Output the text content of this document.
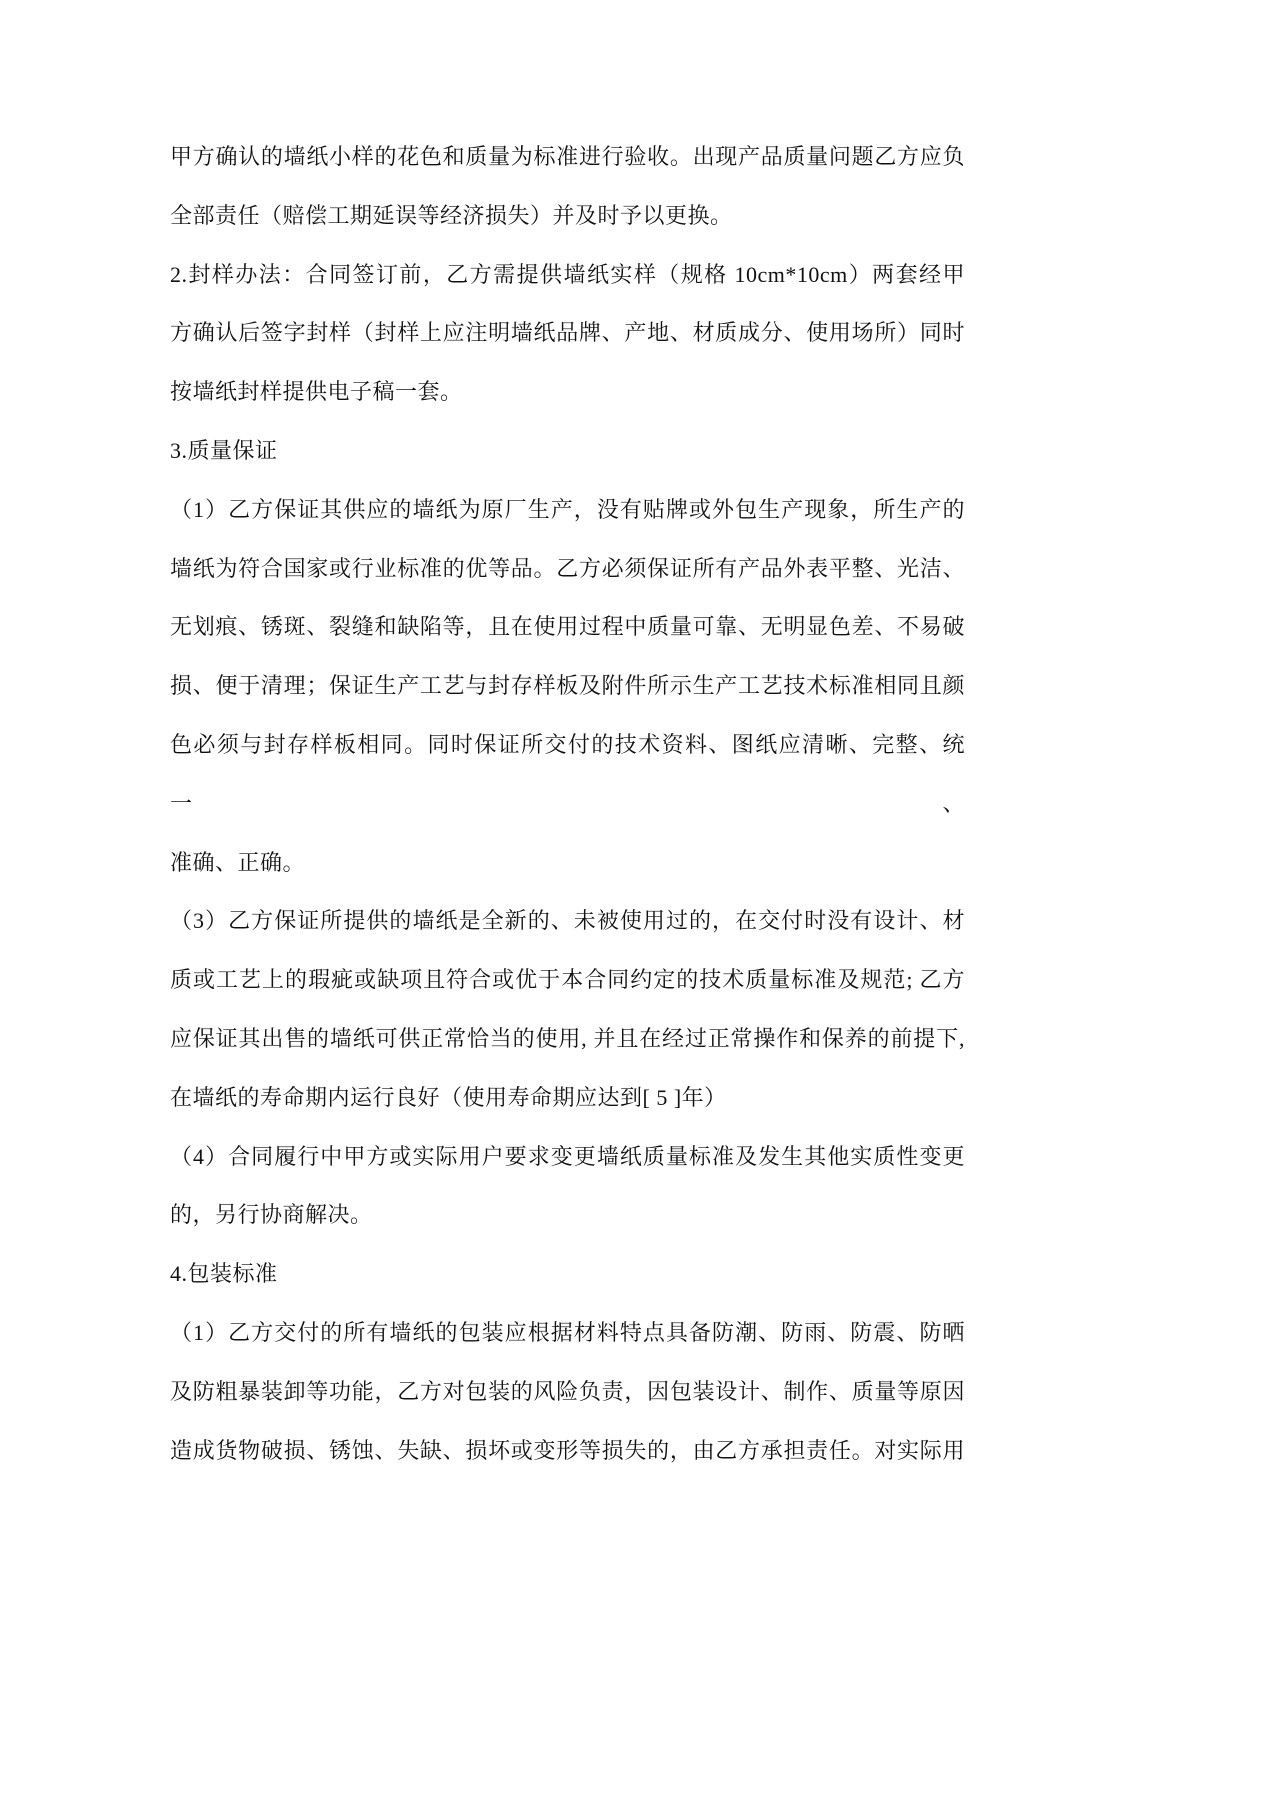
甲方确认的墙纸小样的花色和质量为标准进行验收。出现产品质量问题乙方应负
全部责任（赔偿工期延误等经济损失）并及时予以更换。
2.封样办法：合同签订前，乙方需提供墙纸实样（规格 10cm*10cm）两套经甲
方确认后签字封样（封样上应注明墙纸品牌、产地、材质成分、使用场所）同时
按墙纸封样提供电子稿一套。
3.质量保证
（1）乙方保证其供应的墙纸为原厂生产，没有贴牌或外包生产现象，所生产的
墙纸为符合国家或行业标准的优等品。乙方必须保证所有产品外表平整、光洁、
无划痕、锈斑、裂缝和缺陷等，且在使用过程中质量可靠、无明显色差、不易破
损、便于清理；保证生产工艺与封存样板及附件所示生产工艺技术标准相同且颜
色必须与封存样板相同。同时保证所交付的技术资料、图纸应清晰、完整、统一、
准确、正确。
（3）乙方保证所提供的墙纸是全新的、未被使用过的，在交付时没有设计、材
质或工艺上的瑕疵或缺项且符合或优于本合同约定的技术质量标准及规范; 乙方
应保证其出售的墙纸可供正常恰当的使用, 并且在经过正常操作和保养的前提下,
在墙纸的寿命期内运行良好（使用寿命期应达到[ 5 ]年）
（4）合同履行中甲方或实际用户要求变更墙纸质量标准及发生其他实质性变更
的，另行协商解决。
4.包装标准
（1）乙方交付的所有墙纸的包装应根据材料特点具备防潮、防雨、防震、防晒
及防粗暴装卸等功能，乙方对包装的风险负责，因包装设计、制作、质量等原因
造成货物破损、锈蚀、失缺、损坏或变形等损失的，由乙方承担责任。对实际用
